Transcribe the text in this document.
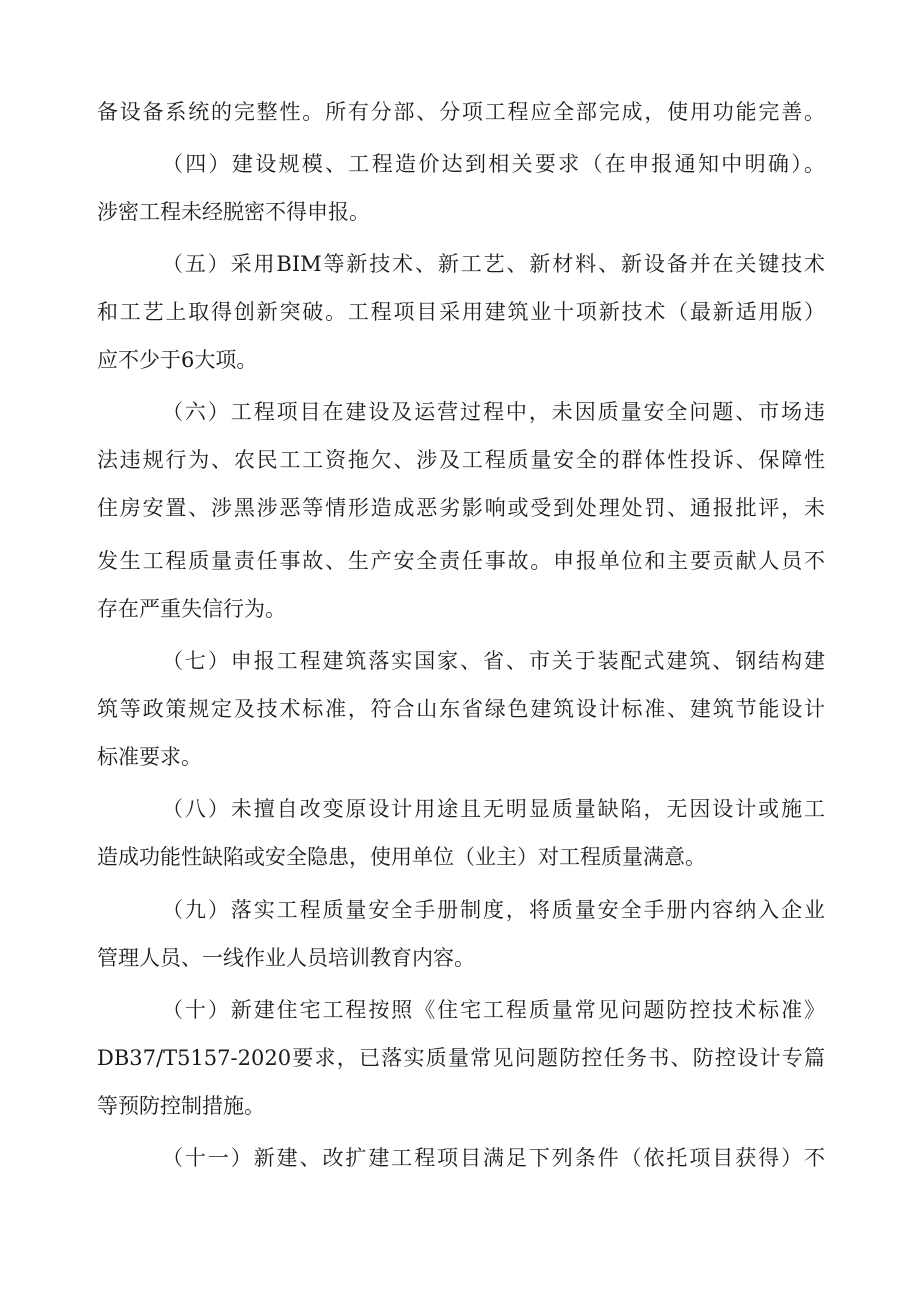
备设备系统的完整性。所有分部、分项工程应全部完成，使用功能完善。
（四）建设规模、工程造价达到相关要求（在申报通知中明确）。
涉密工程未经脱密不得申报。
（五）采用BIM等新技术、新工艺、新材料、新设备并在关键技术
和工艺上取得创新突破。工程项目采用建筑业十项新技术（最新适用版）
应不少于6大项。
（六）工程项目在建设及运营过程中，未因质量安全问题、市场违
法违规行为、农民工工资拖欠、涉及工程质量安全的群体性投诉、保障性
住房安置、涉黑涉恶等情形造成恶劣影响或受到处理处罚、通报批评，未
发生工程质量责任事故、生产安全责任事故。申报单位和主要贡献人员不
存在严重失信行为。
（七）申报工程建筑落实国家、省、市关于装配式建筑、钢结构建
筑等政策规定及技术标准，符合山东省绿色建筑设计标准、建筑节能设计
标准要求。
（八）未擅自改变原设计用途且无明显质量缺陷，无因设计或施工
造成功能性缺陷或安全隐患，使用单位（业主）对工程质量满意。
（九）落实工程质量安全手册制度，将质量安全手册内容纳入企业
管理人员、一线作业人员培训教育内容。
（十）新建住宅工程按照《住宅工程质量常见问题防控技术标准》
DB37/T5157-2020要求，已落实质量常见问题防控任务书、防控设计专篇
等预防控制措施。
（十一）新建、改扩建工程项目满足下列条件（依托项目获得）不
